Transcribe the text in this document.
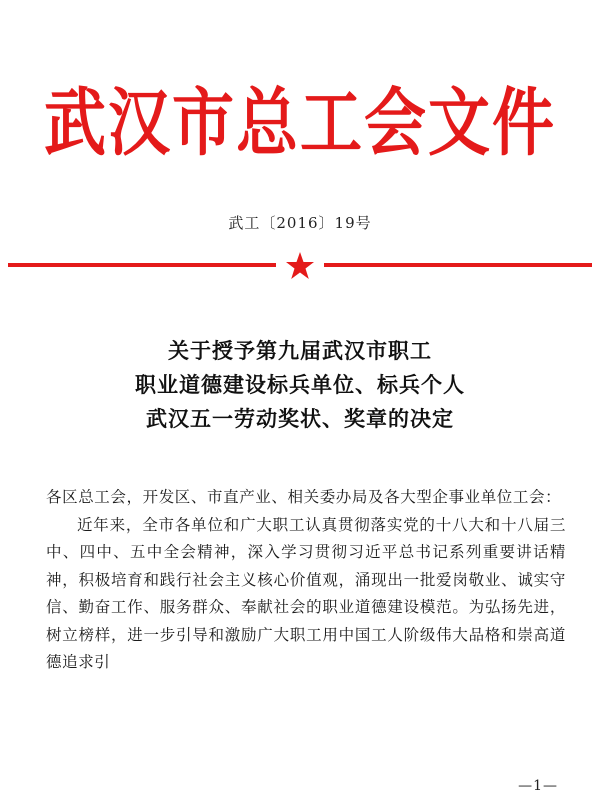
武汉市总工会文件
武工〔2016〕19号
关于授予第九届武汉市职工
职业道德建设标兵单位、标兵个人
武汉五一劳动奖状、奖章的决定

各区总工会，开发区、市直产业、相关委办局及各大型企事业单位工会：

近年来，全市各单位和广大职工认真贯彻落实党的十八大和十八届三中、四中、五中全会精神，深入学习贯彻习近平总书记系列重要讲话精神，积极培育和践行社会主义核心价值观，涌现出一批爱岗敬业、诚实守信、勤奋工作、服务群众、奉献社会的职业道德建设模范。为弘扬先进，树立榜样，进一步引导和激励广大职工用中国工人阶级伟大品格和崇高道德追求引

—1—
